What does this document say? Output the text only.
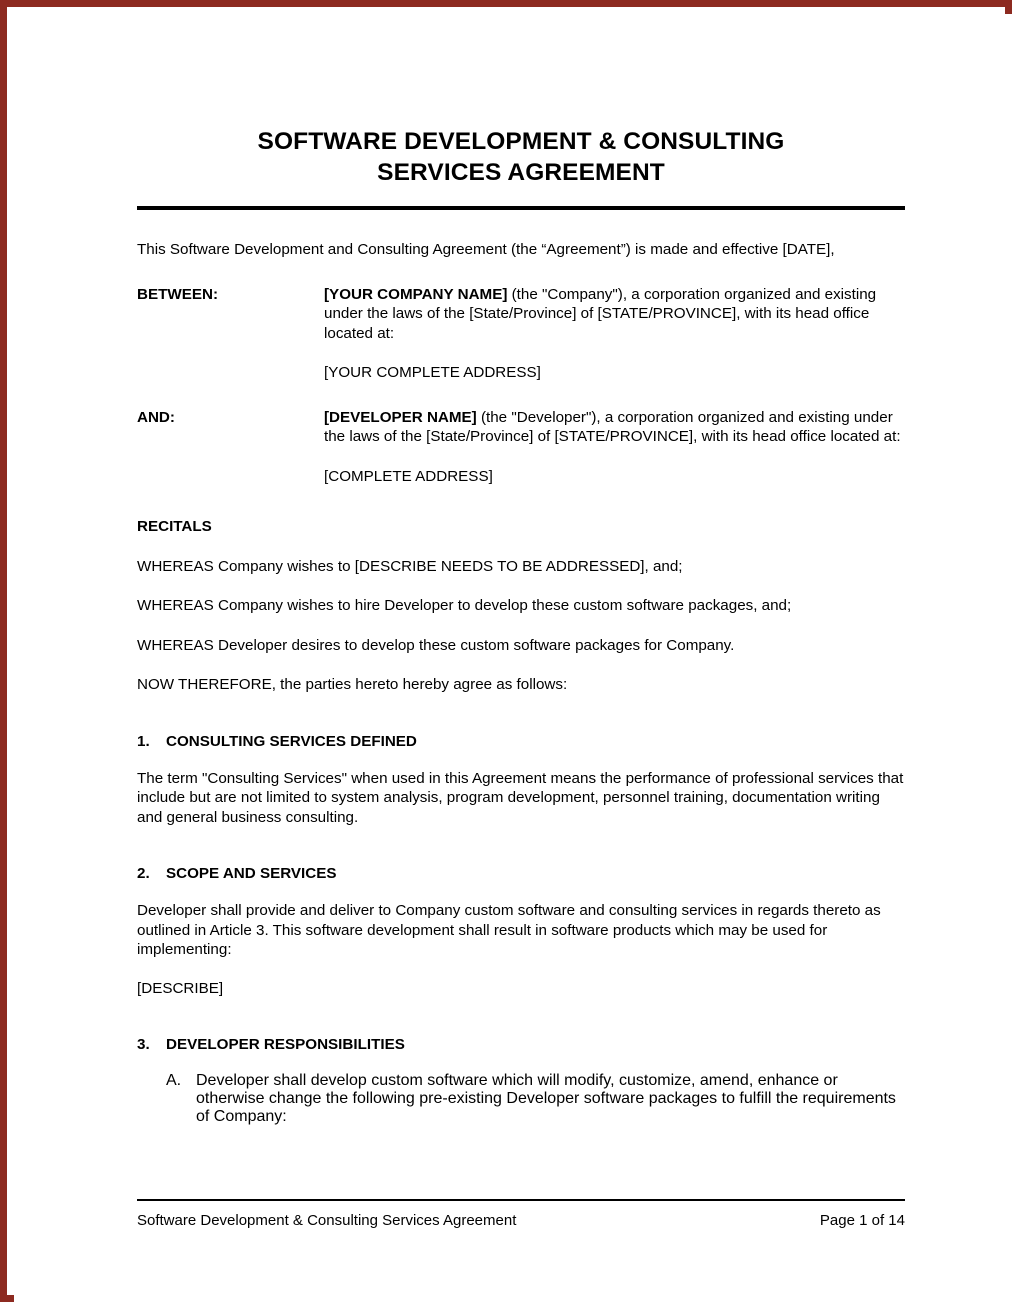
SOFTWARE DEVELOPMENT & CONSULTING
SERVICES AGREEMENT

This Software Development and Consulting Agreement (the “Agreement”) is made and effective [DATE],

BETWEEN:	[YOUR COMPANY NAME] (the "Company"), a corporation organized and existing under the laws of the [State/Province] of [STATE/PROVINCE], with its head office located at:

[YOUR COMPLETE ADDRESS]

AND:	[DEVELOPER NAME] (the "Developer"), a corporation organized and existing under the laws of the [State/Province] of [STATE/PROVINCE], with its head office located at:

[COMPLETE ADDRESS]

RECITALS

WHEREAS Company wishes to [DESCRIBE NEEDS TO BE ADDRESSED], and;

WHEREAS Company wishes to hire Developer to develop these custom software packages, and;

WHEREAS Developer desires to develop these custom software packages for Company.

NOW THEREFORE, the parties hereto hereby agree as follows:

1.	CONSULTING SERVICES DEFINED

The term "Consulting Services" when used in this Agreement means the performance of professional services that include but are not limited to system analysis, program development, personnel training, documentation writing and general business consulting.

2.	SCOPE AND SERVICES

Developer shall provide and deliver to Company custom software and consulting services in regards thereto as outlined in Article 3. This software development shall result in software products which may be used for implementing:

[DESCRIBE]

3.	DEVELOPER RESPONSIBILITIES
A. Developer shall develop custom software which will modify, customize, amend, enhance or otherwise change the following pre-existing Developer software packages to fulfill the requirements of Company:
Software Development & Consulting Services Agreement	Page 1 of 14
